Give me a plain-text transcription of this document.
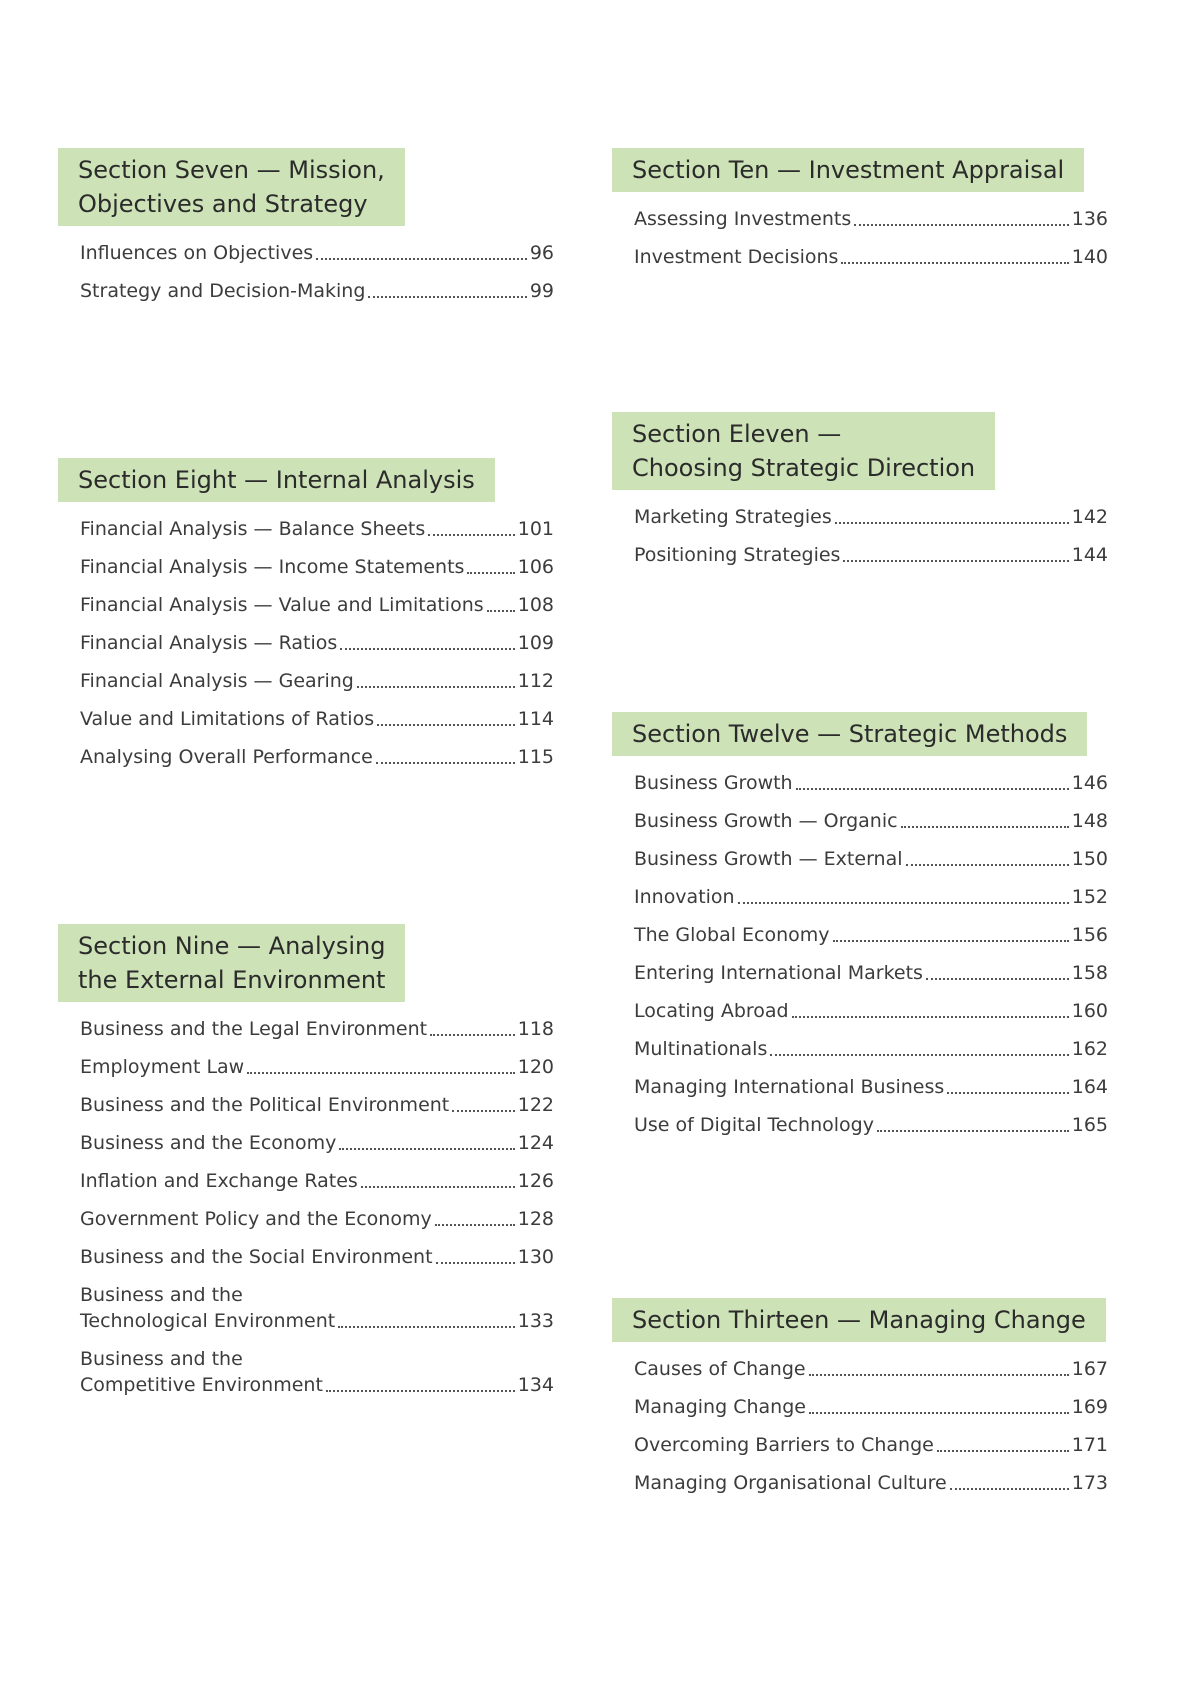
Section Seven — Mission,
Objectives and Strategy
Influences on Objectives	96
Strategy and Decision-Making	99
Section Eight — Internal Analysis
Financial Analysis — Balance Sheets	101
Financial Analysis — Income Statements	106
Financial Analysis — Value and Limitations 108
Financial Analysis — Ratios	109
Financial Analysis — Gearing	112
Value and Limitations of Ratios	114
Analysing Overall Performance	115
Section Nine — Analysing
the External Environment
Business and the Legal Environment	118
Employment Law	120
Business and the Political Environment	122
Business and the Economy	124
Inflation and Exchange Rates	126
Government Policy and the Economy	128
Business and the Social Environment	130
Business and the
Technological Environment	133
Business and the
Competitive Environment	134
Section Ten — Investment Appraisal
Assessing Investments	136
Investment Decisions	140
Section Eleven —
Choosing Strategic Direction
Marketing Strategies	142
Positioning Strategies	144
Section Twelve — Strategic Methods
Business Growth	146
Business Growth — Organic	148
Business Growth — External	150
Innovation	152
The Global Economy	156
Entering International Markets	158
Locating Abroad	160
Multinationals	162
Managing International Business	164
Use of Digital Technology	165
Section Thirteen — Managing Change
Causes of Change	167
Managing Change	169
Overcoming Barriers to Change	171
Managing Organisational Culture	173
